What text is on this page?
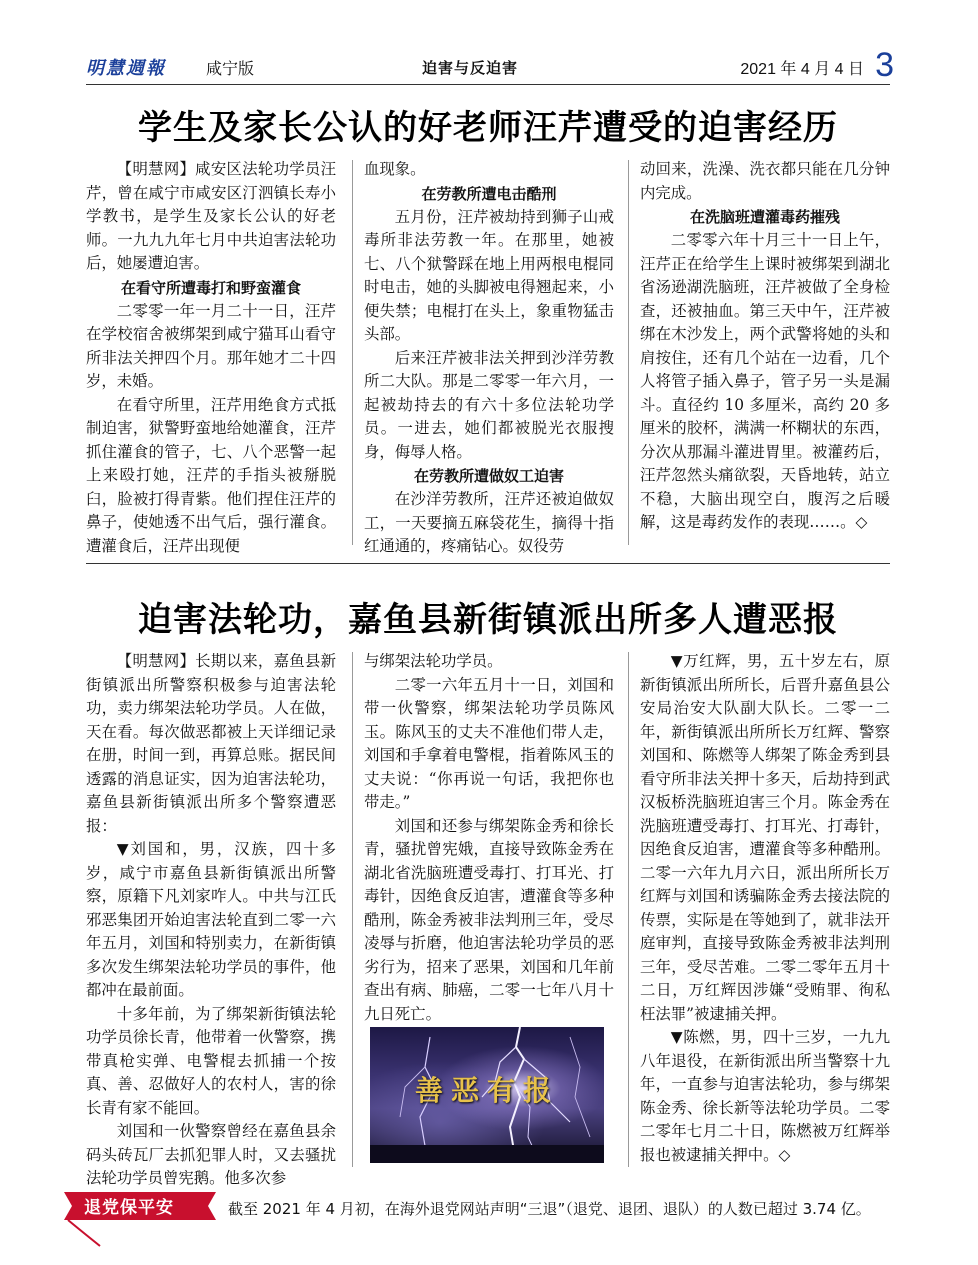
明慧週報	咸宁版	迫害与反迫害	2021 年 4 月 4 日 3
学生及家长公认的好老师汪芹遭受的迫害经历

【明慧网】咸安区法轮功学员汪芹，曾在咸宁市咸安区汀泗镇长寿小学教书，是学生及家长公认的好老师。一九九九年七月中共迫害法轮功后，她屡遭迫害。

在看守所遭毒打和野蛮灌食

二零零一年一月二十一日，汪芹在学校宿舍被绑架到咸宁猫耳山看守所非法关押四个月。那年她才二十四岁，未婚。

在看守所里，汪芹用绝食方式抵制迫害，狱警野蛮地给她灌食，汪芹抓住灌食的管子，七、八个恶警一起上来殴打她，汪芹的手指头被掰脱臼，脸被打得青紫。他们捏住汪芹的鼻子，使她透不出气后，强行灌食。遭灌食后，汪芹出现便

血现象。

在劳教所遭电击酷刑

五月份，汪芹被劫持到狮子山戒毒所非法劳教一年。在那里，她被七、八个狱警踩在地上用两根电棍同时电击，她的头脚被电得翘起来，小便失禁；电棍打在头上，象重物猛击头部。

后来汪芹被非法关押到沙洋劳教所二大队。那是二零零一年六月，一起被劫持去的有六十多位法轮功学员。一进去，她们都被脱光衣服搜身，侮辱人格。

在劳教所遭做奴工迫害

在沙洋劳教所，汪芹还被迫做奴工，一天要摘五麻袋花生，摘得十指红通通的，疼痛钻心。奴役劳

动回来，洗澡、洗衣都只能在几分钟内完成。

在洗脑班遭灌毒药摧残

二零零六年十月三十一日上午，汪芹正在给学生上课时被绑架到湖北省汤逊湖洗脑班，汪芹被做了全身检查，还被抽血。第三天中午，汪芹被绑在木沙发上，两个武警将她的头和肩按住，还有几个站在一边看，几个人将管子插入鼻子，管子另一头是漏斗。直径约 10 多厘米，高约 20 多厘米的胶杯，满满一杯糊状的东西，分次从那漏斗灌进胃里。被灌药后，汪芹忽然头痛欲裂，天昏地转，站立不稳，大脑出现空白，腹泻之后暖解，这是毒药发作的表现……。◇

迫害法轮功，嘉鱼县新街镇派出所多人遭恶报

【明慧网】长期以来，嘉鱼县新街镇派出所警察积极参与迫害法轮功，卖力绑架法轮功学员。人在做，天在看。每次做恶都被上天详细记录在册，时间一到，再算总账。据民间透露的消息证实，因为迫害法轮功，嘉鱼县新街镇派出所多个警察遭恶报：

▼刘国和，男，汉族，四十多岁，咸宁市嘉鱼县新街镇派出所警察，原籍下凡刘家咋人。中共与江氏邪恶集团开始迫害法轮直到二零一六年五月，刘国和特别卖力，在新街镇多次发生绑架法轮功学员的事件，他都冲在最前面。

十多年前，为了绑架新街镇法轮功学员徐长青，他带着一伙警察，携带真枪实弹、电警棍去抓捕一个按真、善、忍做好人的农村人，害的徐长青有家不能回。

刘国和一伙警察曾经在嘉鱼县余码头砖瓦厂去抓犯罪人时，又去骚扰法轮功学员曾宪鹅。他多次参

与绑架法轮功学员。

二零一六年五月十一日，刘国和带一伙警察，绑架法轮功学员陈风玉。陈风玉的丈夫不准他们带人走，刘国和手拿着电警棍，指着陈风玉的丈夫说：“你再说一句话，我把你也带走。”

刘国和还参与绑架陈金秀和徐长青，骚扰曾宪娥，直接导致陈金秀在湖北省洗脑班遭受毒打、打耳光、打毒针，因绝食反迫害，遭灌食等多种酷刑，陈金秀被非法判刑三年，受尽凌辱与折磨，他迫害法轮功学员的恶劣行为，招来了恶果，刘国和几年前查出有病、肺癌，二零一七年八月十九日死亡。

▼万红辉，男，五十岁左右，原新街镇派出所所长，后晋升嘉鱼县公安局治安大队副大队长。二零一二年，新街镇派出所所长万红辉、警察刘国和、陈燃等人绑架了陈金秀到县看守所非法关押十多天，后劫持到武汉板桥洗脑班迫害三个月。陈金秀在洗脑班遭受毒打、打耳光、打毒针，因绝食反迫害，遭灌食等多种酷刑。二零一六年九月六日，派出所所长万红辉与刘国和诱骗陈金秀去接法院的传票，实际是在等她到了，就非法开庭审判，直接导致陈金秀被非法判刑三年，受尽苦难。二零二零年五月十二日，万红辉因涉嫌“受贿罪、徇私枉法罪”被逮捕关押。

▼陈燃，男，四十三岁，一九九八年退役，在新街派出所当警察十九年，一直参与迫害法轮功，参与绑架陈金秀、徐长新等法轮功学员。二零二零年七月二十日，陈燃被万红辉举报也被逮捕关押中。◇

善恶有报
退党保平安	截至 2021 年 4 月初，在海外退党网站声明“三退”（退党、退团、退队）的人数已超过 3.74 亿。
